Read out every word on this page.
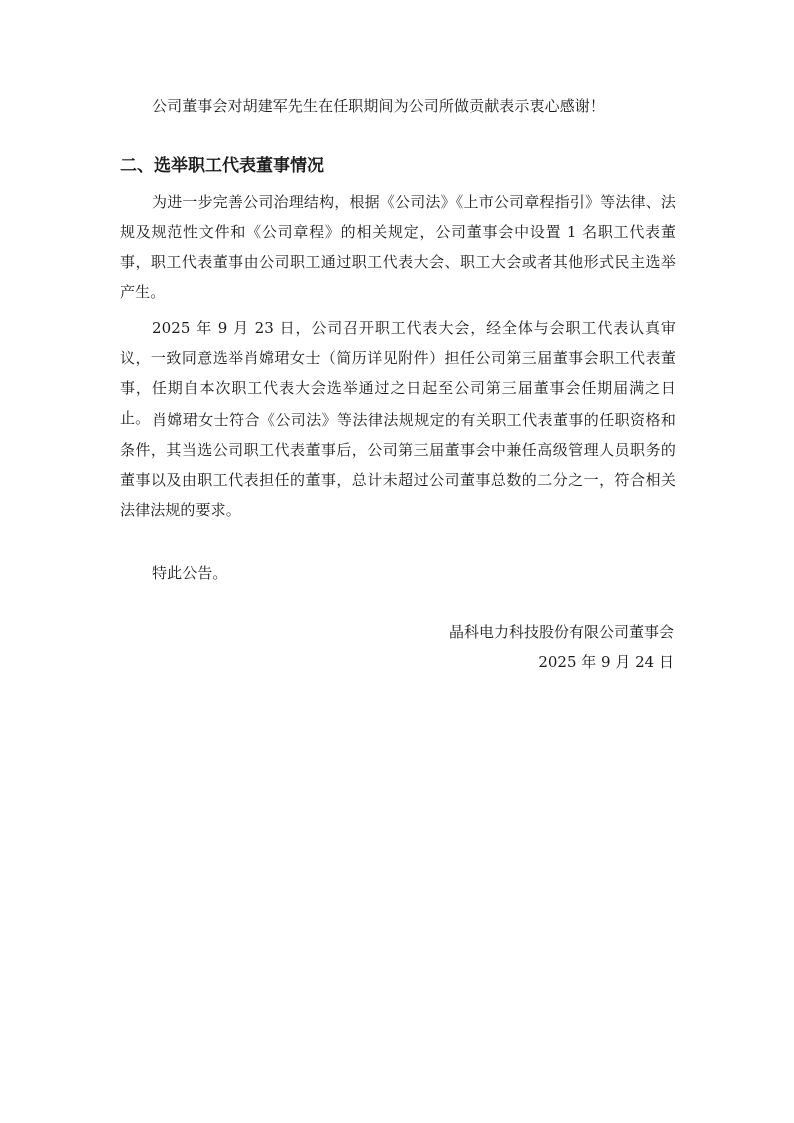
公司董事会对胡建军先生在任职期间为公司所做贡献表示衷心感谢！

二、选举职工代表董事情况

为进一步完善公司治理结构，根据《公司法》《上市公司章程指引》等法律、法规及规范性文件和《公司章程》的相关规定，公司董事会中设置 1 名职工代表董事，职工代表董事由公司职工通过职工代表大会、职工大会或者其他形式民主选举产生。

2025 年 9 月 23 日，公司召开职工代表大会，经全体与会职工代表认真审议，一致同意选举肖嫦珺女士（简历详见附件）担任公司第三届董事会职工代表董事，任期自本次职工代表大会选举通过之日起至公司第三届董事会任期届满之日止。 肖嫦珺女士符合《公司法》等法律法规规定的有关职工代表董事的任职资格和条件，其当选公司职工代表董事后，公司第三届董事会中兼任高级管理人员职务的董事以及由职工代表担任的董事，总计未超过公司董事总数的二分之一，符合相关法律法规的要求。

特此公告。

晶科电力科技股份有限公司董事会

2025 年 9 月 24 日
